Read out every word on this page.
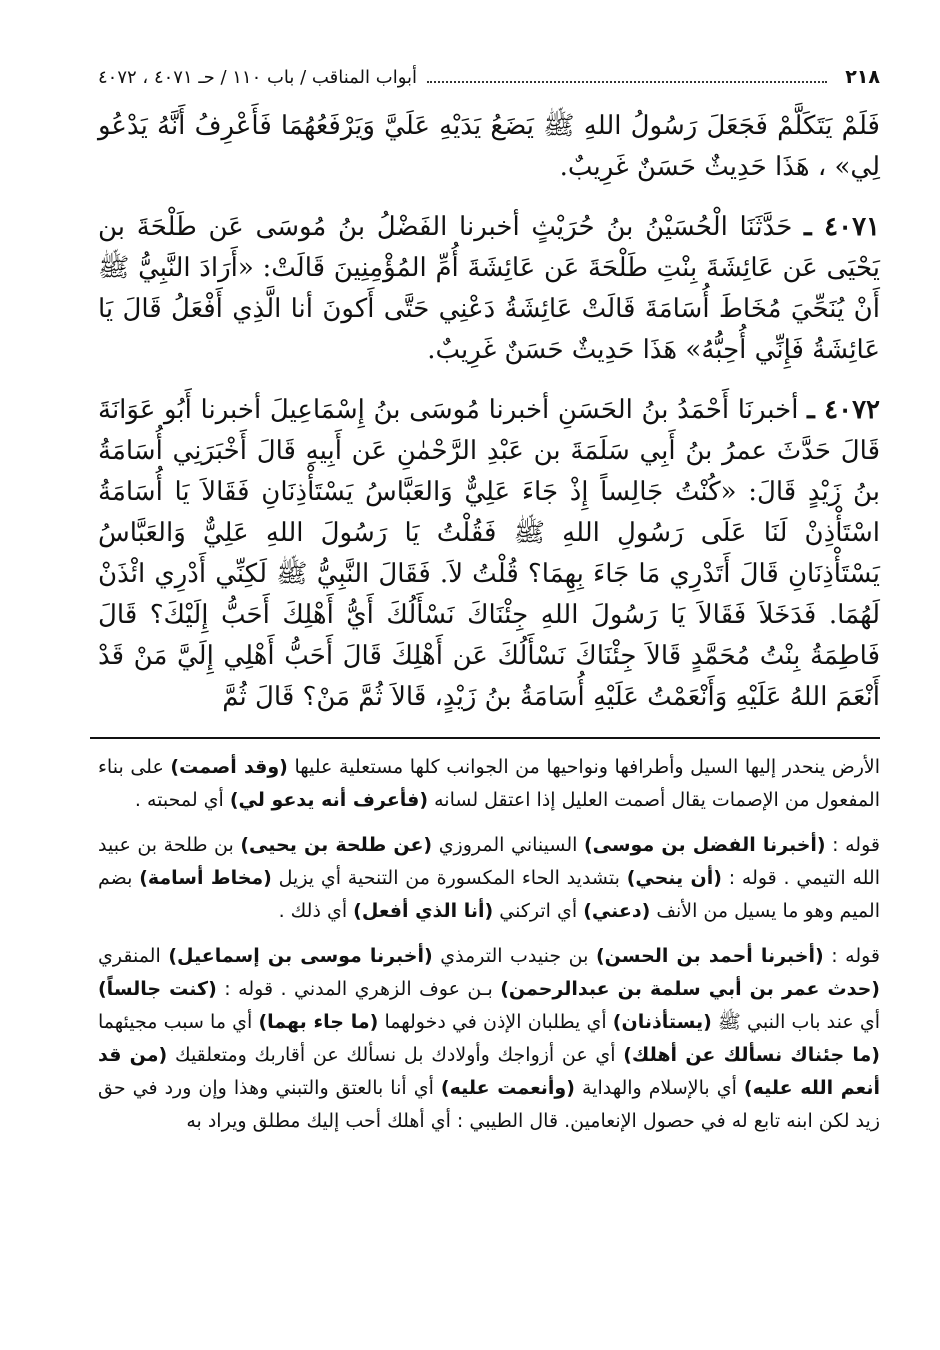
٢١٨
أبواب المناقب / باب ١١٠ / حـ ٤٠٧١ ، ٤٠٧٢

فَلَمْ يَتَكَلَّمْ فَجَعَلَ رَسُولُ اللهِ ﷺ يَضَعُ يَدَيْهِ عَلَيَّ وَيَرْفَعُهُمَا فَأَعْرِفُ أَنَّهُ يَدْعُو لِي» ، هَذَا حَدِيثٌ حَسَنٌ غَرِيبٌ.

٤٠٧١ ـ حَدَّثَنَا الْحُسَيْنُ بنُ حُرَيْثٍ أخبرنا الفَضْلُ بنُ مُوسَى عَن طَلْحَةَ بن يَحْيَى عَن عَائِشَةَ بِنْتِ طَلْحَةَ عَن عَائِشَةَ أُمِّ المُؤْمِنِينَ قَالَتْ: «أَرَادَ النَّبِيُّ ﷺ أَنْ يُنَحِّيَ مُخَاطَ أُسَامَةَ قَالَتْ عَائِشَةُ دَعْنِي حَتَّى أَكونَ أنا الَّذِي أَفْعَلُ قَالَ يَا عَائِشَةُ فَإِنِّي أُحِبُّهُ» هَذَا حَدِيثٌ حَسَنٌ غَرِيبٌ.

٤٠٧٢ ـ أخبرنَا أَحْمَدُ بنُ الحَسَنِ أخبرنا مُوسَى بنُ إِسْمَاعِيلَ أخبرنا أَبُو عَوَانَةَ قَالَ حَدَّثَ عمرُ بنُ أَبِي سَلَمَةَ بن عَبْدِ الرَّحْمٰنِ عَن أَبِيهِ قَالَ أَخْبَرَنِي أُسَامَةُ بنُ زَيْدٍ قَالَ: «كُنْتُ جَالِساً إِذْ جَاءَ عَلِيٌّ وَالعَبَّاسُ يَسْتَأْذِنَانِ فَقَالاَ يَا أُسَامَةُ اسْتَأْذِنْ لَنَا عَلَى رَسُولِ اللهِ ﷺ فَقُلْتُ يَا رَسُولَ اللهِ عَلِيٌّ وَالعَبَّاسُ يَسْتَأْذِنَانِ قَالَ أَتَدْرِي مَا جَاءَ بِهِمَا؟ قُلْتُ لاَ. فَقَالَ النَّبِيُّ ﷺ لَكِنِّي أَدْرِي ائْذَنْ لَهُمَا. فَدَخَلاَ فَقَالاَ يَا رَسُولَ اللهِ جِئْنَاكَ نَسْأَلُكَ أَيُّ أَهْلِكَ أَحَبُّ إِلَيْكَ؟ قَالَ فَاطِمَةُ بِنْتُ مُحَمَّدٍ قَالاَ جِئْنَاكَ نَسْأَلُكَ عَن أَهْلِكَ قَالَ أَحَبُّ أَهْلِي إِلَيَّ مَنْ قَدْ أَنْعَمَ اللهُ عَلَيْهِ وَأَنْعَمْتُ عَلَيْهِ أُسَامَةُ بنُ زَيْدٍ، قَالاَ ثُمَّ مَنْ؟ قَالَ ثُمَّ

الأرض ينحدر إليها السيل وأطرافها ونواحيها من الجوانب كلها مستعلية عليها (وقد أصمت) على بناء المفعول من الإصمات يقال أصمت العليل إذا اعتقل لسانه (فأعرف أنه يدعو لي) أي لمحبته .

قوله : (أخبرنا الفضل بن موسى) السيناني المروزي (عن طلحة بن يحيى) بن طلحة بن عبيد الله التيمي . قوله : (أن ينحي) بتشديد الحاء المكسورة من التنحية أي يزيل (مخاط أسامة) بضم الميم وهو ما يسيل من الأنف (دعني) أي اتركني (أنا الذي أفعل) أي ذلك .

قوله : (أخبرنا أحمد بن الحسن) بن جنيدب الترمذي (أخبرنا موسى بن إسماعيل) المنقري (حدث عمر بن أبي سلمة بن عبدالرحمن) بـن عوف الزهري المدني . قوله : (كنت جالساً) أي عند باب النبي ﷺ (يستأذنان) أي يطلبان الإذن في دخولهما (ما جاء بهما) أي ما سبب مجيئهما (ما جئناك نسألك عن أهلك) أي عن أزواجك وأولادك بل نسألك عن أقاربك ومتعلقيك (من قد أنعم الله عليه) أي بالإسلام والهداية (وأنعمت عليه) أي أنا بالعتق والتبني وهذا وإن ورد في حق زيد لكن ابنه تابع له في حصول الإنعامين. قال الطيبي : أي أهلك أحب إليك مطلق ويراد به
